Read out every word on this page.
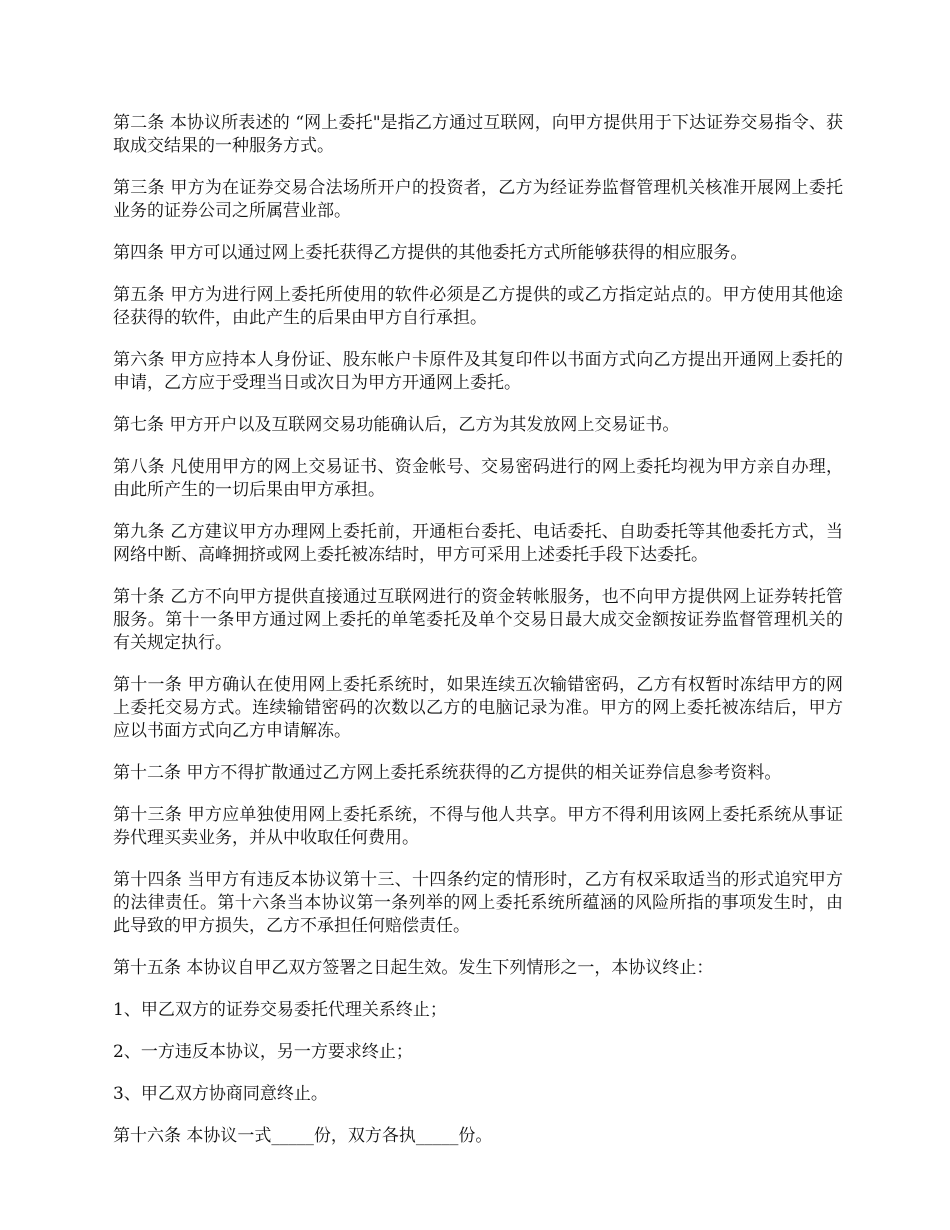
第二条 本协议所表述的 “网上委托"是指乙方通过互联网，向甲方提供用于下达证券交易指令、获取成交结果的一种服务方式。

第三条 甲方为在证券交易合法场所开户的投资者，乙方为经证券监督管理机关核准开展网上委托业务的证券公司之所属营业部。

第四条 甲方可以通过网上委托获得乙方提供的其他委托方式所能够获得的相应服务。

第五条 甲方为进行网上委托所使用的软件必须是乙方提供的或乙方指定站点的。甲方使用其他途径获得的软件，由此产生的后果由甲方自行承担。

第六条 甲方应持本人身份证、股东帐户卡原件及其复印件以书面方式向乙方提出开通网上委托的申请，乙方应于受理当日或次日为甲方开通网上委托。

第七条 甲方开户以及互联网交易功能确认后，乙方为其发放网上交易证书。

第八条 凡使用甲方的网上交易证书、资金帐号、交易密码进行的网上委托均视为甲方亲自办理，由此所产生的一切后果由甲方承担。

第九条 乙方建议甲方办理网上委托前，开通柜台委托、电话委托、自助委托等其他委托方式，当网络中断、高峰拥挤或网上委托被冻结时，甲方可采用上述委托手段下达委托。

第十条 乙方不向甲方提供直接通过互联网进行的资金转帐服务，也不向甲方提供网上证券转托管服务。第十一条甲方通过网上委托的单笔委托及单个交易日最大成交金额按证券监督管理机关的有关规定执行。

第十一条 甲方确认在使用网上委托系统时，如果连续五次输错密码，乙方有权暂时冻结甲方的网上委托交易方式。连续输错密码的次数以乙方的电脑记录为准。甲方的网上委托被冻结后，甲方应以书面方式向乙方申请解冻。

第十二条 甲方不得扩散通过乙方网上委托系统获得的乙方提供的相关证券信息参考资料。

第十三条 甲方应单独使用网上委托系统，不得与他人共享。甲方不得利用该网上委托系统从事证券代理买卖业务，并从中收取任何费用。

第十四条 当甲方有违反本协议第十三、十四条约定的情形时，乙方有权采取适当的形式追究甲方的法律责任。第十六条当本协议第一条列举的网上委托系统所蕴涵的风险所指的事项发生时，由此导致的甲方损失，乙方不承担任何赔偿责任。

第十五条 本协议自甲乙双方签署之日起生效。发生下列情形之一，本协议终止：

1、甲乙双方的证券交易委托代理关系终止；

2、一方违反本协议，另一方要求终止；

3、甲乙双方协商同意终止。

第十六条 本协议一式_____份，双方各执_____份。
